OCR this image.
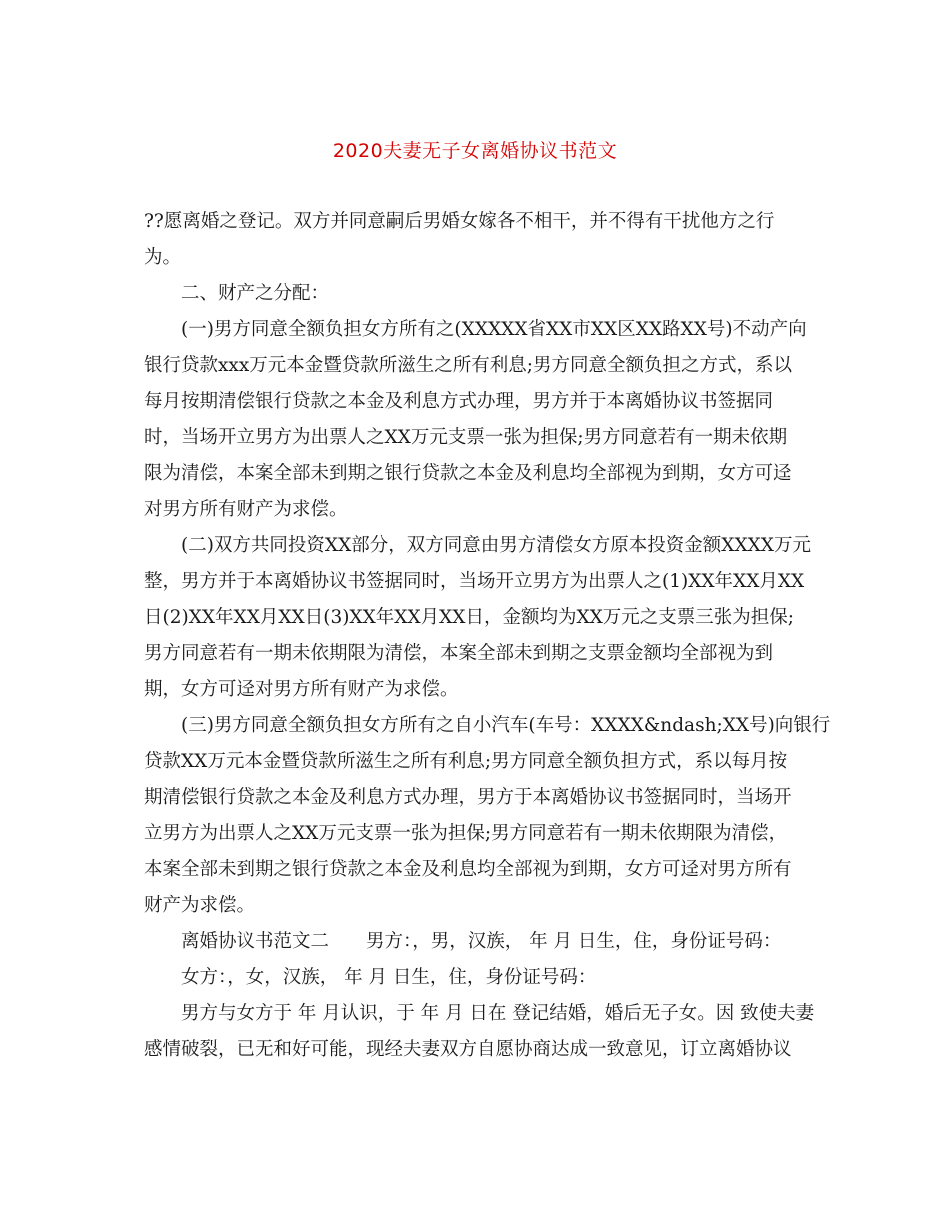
2020夫妻无子女离婚协议书范文
??愿离婚之登记。双方并同意嗣后男婚女嫁各不相干，并不得有干扰他方之行
为。
二、财产之分配：
(一)男方同意全额负担女方所有之(XXXXX省XX市XX区XX路XX号)不动产向
银行贷款xxx万元本金暨贷款所滋生之所有利息;男方同意全额负担之方式，系以
每月按期清偿银行贷款之本金及利息方式办理，男方并于本离婚协议书签据同
时，当场开立男方为出票人之XX万元支票一张为担保;男方同意若有一期未依期
限为清偿，本案全部未到期之银行贷款之本金及利息均全部视为到期，女方可迳
对男方所有财产为求偿。
(二)双方共同投资XX部分，双方同意由男方清偿女方原本投资金额XXXX万元
整，男方并于本离婚协议书签据同时，当场开立男方为出票人之(1)XX年XX月XX
日(2)XX年XX月XX日(3)XX年XX月XX日，金额均为XX万元之支票三张为担保;
男方同意若有一期未依期限为清偿，本案全部未到期之支票金额均全部视为到
期，女方可迳对男方所有财产为求偿。
(三)男方同意全额负担女方所有之自小汽车(车号：XXXX&ndash;XX号)向银行
贷款XX万元本金暨贷款所滋生之所有利息;男方同意全额负担方式，系以每月按
期清偿银行贷款之本金及利息方式办理，男方于本离婚协议书签据同时，当场开
立男方为出票人之XX万元支票一张为担保;男方同意若有一期未依期限为清偿，
本案全部未到期之银行贷款之本金及利息均全部视为到期，女方可迳对男方所有
财产为求偿。
离婚协议书范文二　　男方：，男，汉族， 年 月 日生，住，身份证号码：
女方：，女，汉族， 年 月 日生，住，身份证号码：
男方与女方于 年 月认识，于 年 月 日在 登记结婚，婚后无子女。因 致使夫妻
感情破裂，已无和好可能，现经夫妻双方自愿协商达成一致意见，订立离婚协议
